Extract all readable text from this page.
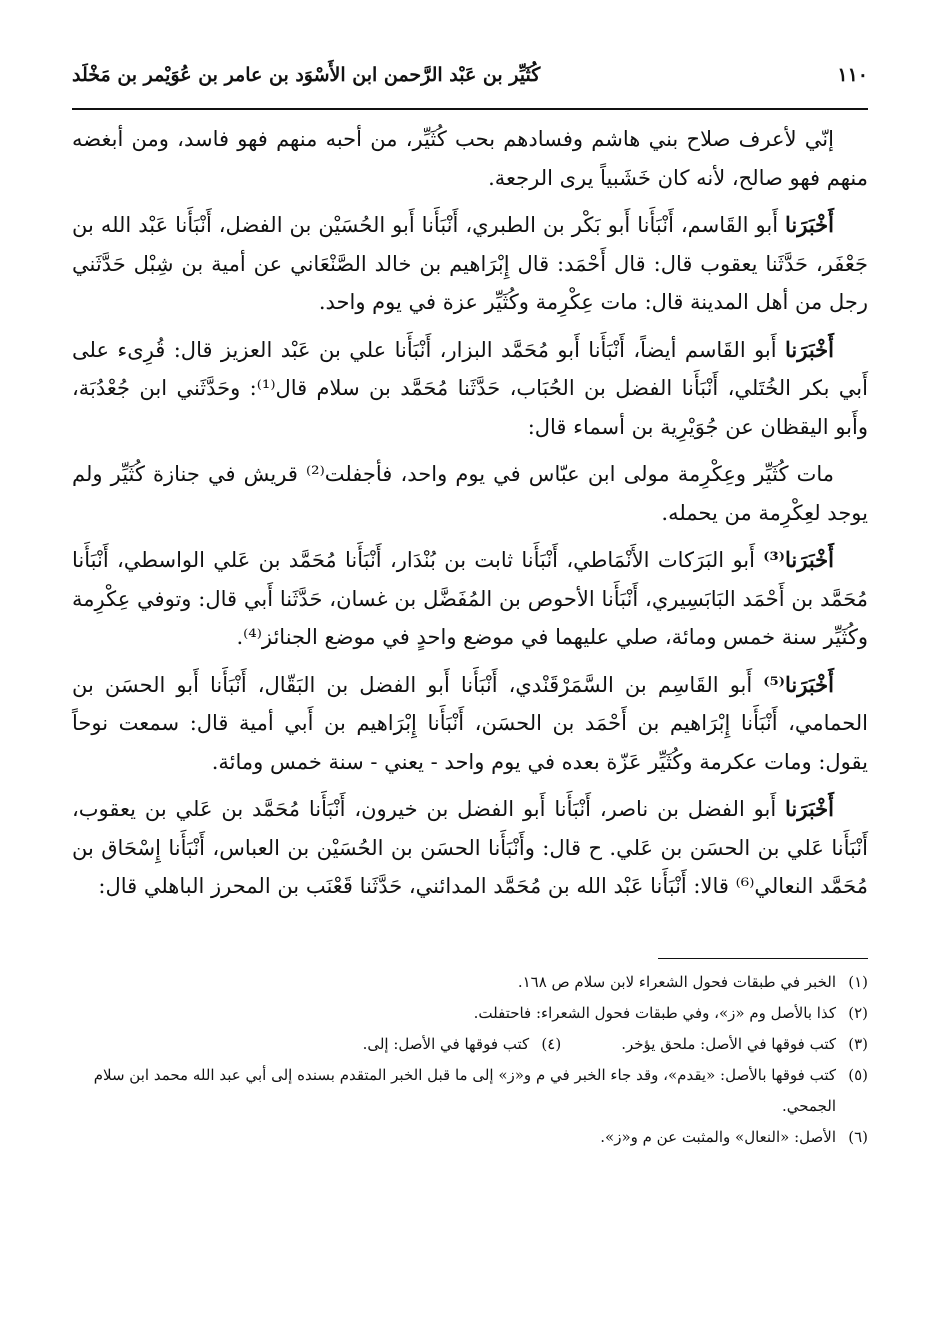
١١٠
كُثَيِّر بن عَبْد الرَّحمن ابن الأَسْوَد بن عامر بن عُوَيْمر بن مَخْلَد

إنّي لأعرف صلاح بني هاشم وفسادهم بحب كُثَيِّر، من أحبه منهم فهو فاسد، ومن أبغضه منهم فهو صالح، لأنه كان خَشَبياً يرى الرجعة.

أَخْبَرَنا أَبو القَاسم، أَنْبَأَنا أَبو بَكْر بن الطبري، أَنْبَأَنا أَبو الحُسَيْن بن الفضل، أَنْبَأَنا عَبْد الله بن جَعْفَر، حَدَّثَنا يعقوب قال: قال أَحْمَد: قال إِبْرَاهيم بن خالد الصَّنْعَاني عن أمية بن شِبْل حَدَّثَني رجل من أهل المدينة قال: مات عِكْرِمة وكُثَيِّر عزة في يوم واحد.

أَخْبَرَنا أَبو القَاسم أيضاً، أَنْبَأَنا أَبو مُحَمَّد البزار، أَنْبَأَنا علي بن عَبْد العزيز قال: قُرِىء على أَبي بكر الخُتَلي، أَنْبَأَنا الفضل بن الحُبَاب، حَدَّثَنا مُحَمَّد بن سلام قال⁽¹⁾: وحَدَّثَني ابن جُعْدُبَة، وأَبو اليقظان عن جُوَيْرِية بن أسماء قال:

مات كُثَيِّر وعِكْرِمة مولى ابن عبّاس في يوم واحد، فأجفلت⁽²⁾ قريش في جنازة كُثَيِّر ولم يوجد لعِكْرِمة من يحمله.

أَخْبَرَنا⁽³⁾ أَبو البَرَكات الأَنْمَاطي، أَنْبَأَنا ثابت بن بُنْدَار، أَنْبَأَنا مُحَمَّد بن عَلي الواسطي، أَنْبَأَنا مُحَمَّد بن أَحْمَد البَابَسِيري، أَنْبَأَنا الأحوص بن المُفَضَّل بن غسان، حَدَّثَنا أَبي قال: وتوفي عِكْرِمة وكُثَيِّر سنة خمس ومائة، صلي عليهما في موضع واحدٍ في موضع الجنائز⁽⁴⁾.

أَخْبَرَنا⁽⁵⁾ أَبو القَاسِم بن السَّمَرْقَنْدي، أَنْبَأَنا أَبو الفضل بن البَقّال، أَنْبَأَنا أَبو الحسَن بن الحمامي، أَنْبَأَنا إِبْرَاهيم بن أَحْمَد بن الحسَن، أَنْبَأَنا إِبْرَاهيم بن أَبي أمية قال: سمعت نوحاً يقول: ومات عكرمة وكُثَيِّر عَزّة بعده في يوم واحد - يعني - سنة خمس ومائة.

أَخْبَرَنا أَبو الفضل بن ناصر، أَنْبَأَنا أَبو الفضل بن خيرون، أَنْبَأَنا مُحَمَّد بن عَلي بن يعقوب، أَنْبَأَنا عَلي بن الحسَن بن عَلي. ح قال: وأَنْبَأَنا الحسَن بن الحُسَيْن بن العباس، أَنْبَأَنا إِسْحَاق بن مُحَمَّد النعالي⁽⁶⁾ قالا: أَنْبَأَنا عَبْد الله بن مُحَمَّد المدائني، حَدَّثَنا قَعْنَب بن المحرز الباهلي قال:

(١)
الخبر في طبقات فحول الشعراء لابن سلام ص ١٦٨.
(٢)
كذا بالأصل وم «ز»، وفي طبقات فحول الشعراء: فاحتفلت.
(٣)
كتب فوقها في الأصل: ملحق يؤخر.
(٤)
كتب فوقها في الأصل: إلى.
(٥)
كتب فوقها بالأصل: «يقدم»، وقد جاء الخبر في م و«ز» إلى ما قبل الخبر المتقدم بسنده إلى أبي عبد الله محمد ابن سلام الجمحي.
(٦)
الأصل: «النعال» والمثبت عن م و«ز».
